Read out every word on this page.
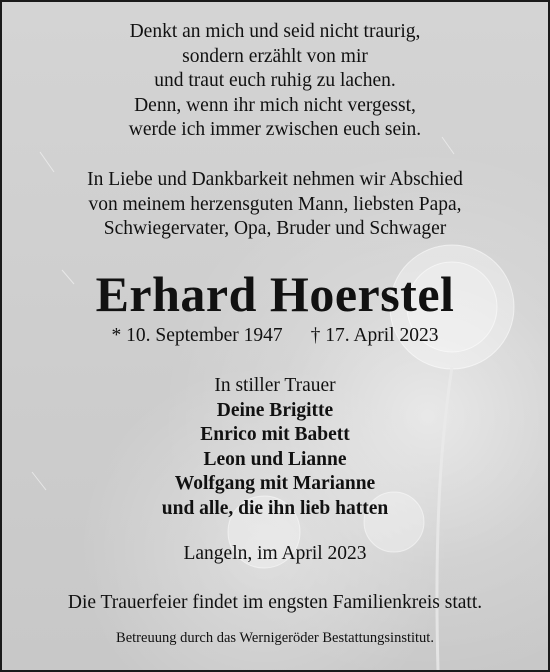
Denkt an mich und seid nicht traurig,
sondern erzählt von mir
und traut euch ruhig zu lachen.
Denn, wenn ihr mich nicht vergesst,
werde ich immer zwischen euch sein.
In Liebe und Dankbarkeit nehmen wir Abschied
von meinem herzensguten Mann, liebsten Papa,
Schwiegervater, Opa, Bruder und Schwager
Erhard Hoerstel
* 10. September 1947 † 17. April 2023
In stiller Trauer
Deine Brigitte
Enrico mit Babett
Leon und Lianne
Wolfgang mit Marianne
und alle, die ihn lieb hatten
Langeln, im April 2023
Die Trauerfeier findet im engsten Familienkreis statt.
Betreuung durch das Wernigeröder Bestattungsinstitut.
